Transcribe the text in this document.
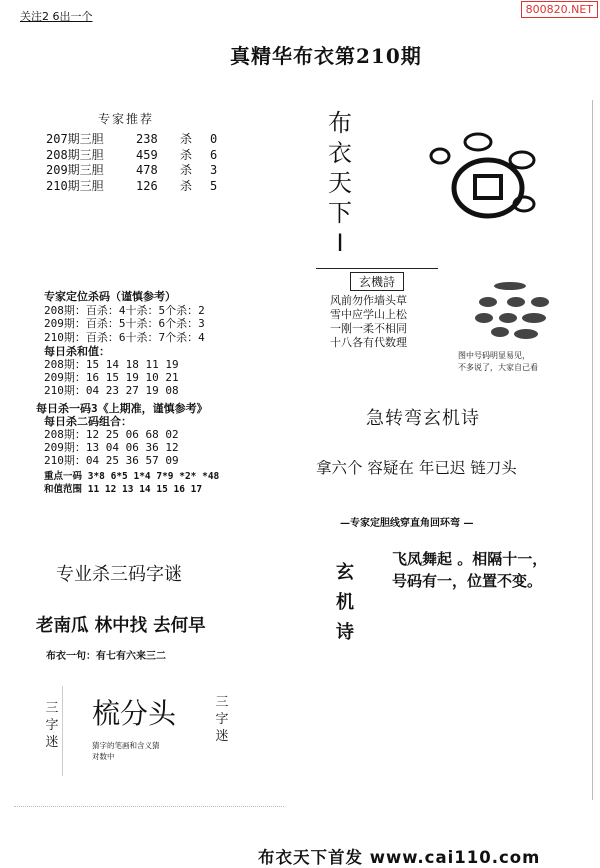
关注2 6出一个
800820.NET
真精华布衣第210期
专家推荐
207期三胆	238 杀 0
208期三胆	459 杀 6
209期三胆	478 杀 3
210期三胆	126 杀 5
布
衣
天
下
I
专家定位杀码（谨慎参考）
208期：百杀：4十杀：5个杀：2
209期：百杀：5十杀：6个杀：3
210期：百杀：6十杀：7个杀：4
每日杀和值：
208期：15 14 18 11 19
209期：16 15 19 10 21
210期：04 23 27 19 08
每日杀一码3《上期准，谨慎参考》
每日杀二码组合：
208期：12 25 06 68 02
209期：13 04 06 36 12
210期：04 25 36 57 09
重点一码 3*8 6*5 1*4 7*9 *2* *48
和值范围 11 12 13 14 15 16 17
玄機詩
风前勿作墙头草
雪中应学山上松
一刚一柔不相同
十八各有代数理
图中号码明显易见，
不多说了，大家自己看
急转弯玄机诗
拿六个 容疑在 年已迟 链刀头
—专家定胆线穿直角回环弯 —
玄
机
诗
飞凤舞起 。相隔十一，
号码有一，位置不变。
专业杀三码字谜
老南瓜 林中找 去何早
布衣一句：有七有六来三二
三
字
迷
梳分头	三
字
迷
猜字的笔画和含义猜
对数中
布衣天下首发 www.cai110.com
